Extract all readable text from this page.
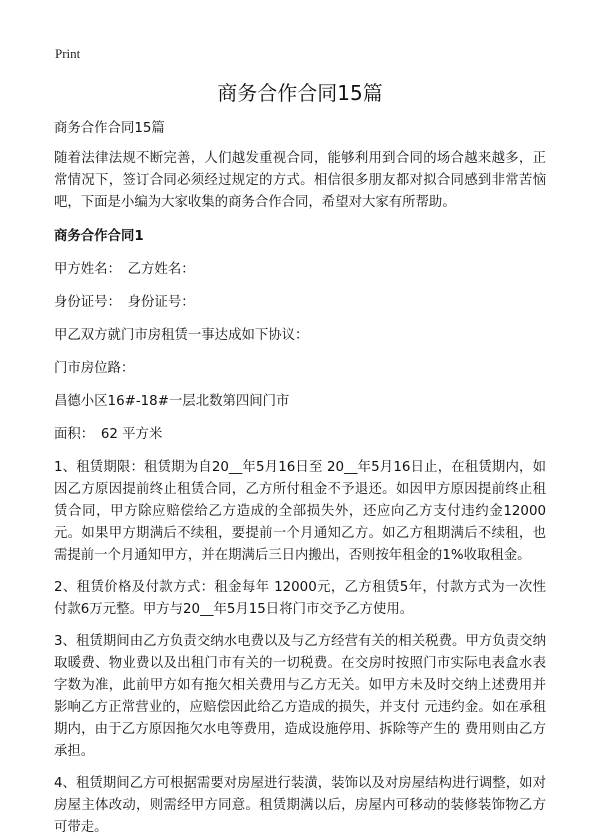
Print
商务合作合同15篇

商务合作合同15篇

随着法律法规不断完善，人们越发重视合同，能够利用到合同的场合越来越多，正常情况下，签订合同必须经过规定的方式。相信很多朋友都对拟合同感到非常苦恼吧，下面是小编为大家收集的商务合作合同，希望对大家有所帮助。

商务合作合同1

甲方姓名：　乙方姓名：

身份证号：　身份证号：

甲乙双方就门市房租赁一事达成如下协议：

门市房位路：

昌德小区16#-18#一层北数第四间门市

面积：　62 平方米

1、租赁期限：租赁期为自20__年5月16日至 20__年5月16日止，在租赁期内，如因乙方原因提前终止租赁合同，乙方所付租金不予退还。如因甲方原因提前终止租赁合同，甲方除应赔偿给乙方造成的全部损失外，还应向乙方支付违约金12000元。如果甲方期满后不续租，要提前一个月通知乙方。如乙方租期满后不续租，也需提前一个月通知甲方，并在期满后三日内搬出，否则按年租金的1%收取租金。

2、租赁价格及付款方式：租金每年 12000元，乙方租赁5年，付款方式为一次性付款6万元整。甲方与20__年5月15日将门市交予乙方使用。

3、租赁期间由乙方负责交纳水电费以及与乙方经营有关的相关税费。甲方负责交纳取暖费、物业费以及出租门市有关的一切税费。在交房时按照门市实际电表盒水表字数为准，此前甲方如有拖欠相关费用与乙方无关。如甲方未及时交纳上述费用并影响乙方正常营业的，应赔偿因此给乙方造成的损失，并支付 元违约金。如在承租期内，由于乙方原因拖欠水电等费用，造成设施停用、拆除等产生的 费用则由乙方承担。

4、租赁期间乙方可根据需要对房屋进行装潢，装饰以及对房屋结构进行调整，如对房屋主体改动，则需经甲方同意。租赁期满以后，房屋内可移动的装修装饰物乙方可带走。
